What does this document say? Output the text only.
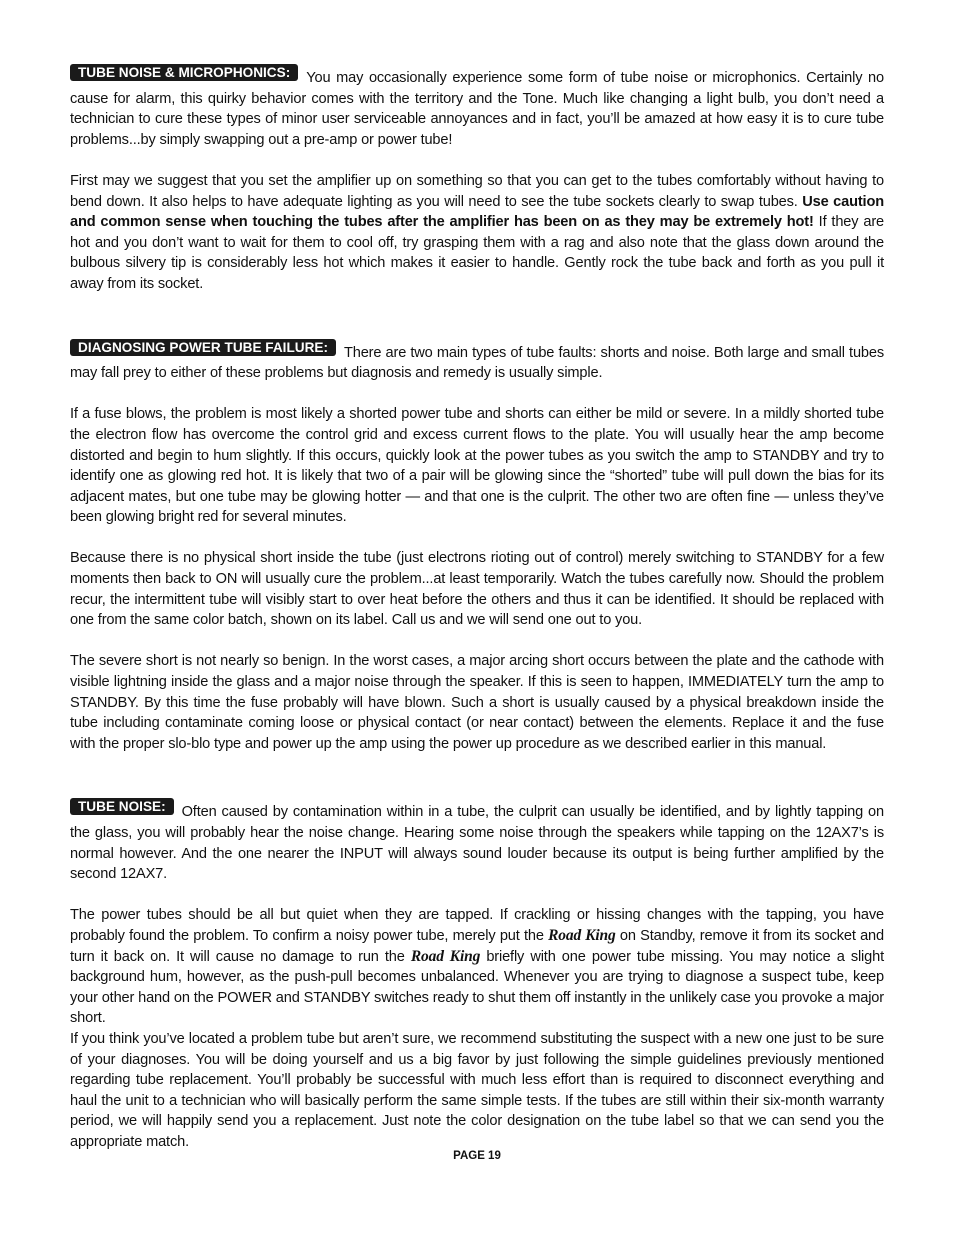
TUBE NOISE & MICROPHONICS: You may occasionally experience some form of tube noise or microphonics. Certainly no cause for alarm, this quirky behavior comes with the territory and the Tone. Much like changing a light bulb, you don’t need a technician to cure these types of minor user serviceable annoyances and in fact, you’ll be amazed at how easy it is to cure tube problems...by simply swapping out a pre-amp or power tube!

First may we suggest that you set the amplifier up on something so that you can get to the tubes comfortably without having to bend down. It also helps to have adequate lighting as you will need to see the tube sockets clearly to swap tubes. Use caution and common sense when touching the tubes after the amplifier has been on as they may be extremely hot! If they are hot and you don’t want to wait for them to cool off, try grasping them with a rag and also note that the glass down around the bulbous silvery tip is considerably less hot which makes it easier to handle. Gently rock the tube back and forth as you pull it away from its socket.

DIAGNOSING POWER TUBE FAILURE: There are two main types of tube faults: shorts and noise. Both large and small tubes may fall prey to either of these problems but diagnosis and remedy is usually simple.

If a fuse blows, the problem is most likely a shorted power tube and shorts can either be mild or severe. In a mildly shorted tube the electron flow has overcome the control grid and excess current flows to the plate. You will usually hear the amp become distorted and begin to hum slightly. If this occurs, quickly look at the power tubes as you switch the amp to STANDBY and try to identify one as glowing red hot. It is likely that two of a pair will be glowing since the “shorted” tube will pull down the bias for its adjacent mates, but one tube may be glowing hotter — and that one is the culprit. The other two are often fine — unless they’ve been glowing bright red for several minutes.

Because there is no physical short inside the tube (just electrons rioting out of control) merely switching to STANDBY for a few moments then back to ON will usually cure the problem...at least temporarily. Watch the tubes carefully now. Should the problem recur, the intermittent tube will visibly start to over heat before the others and thus it can be identified. It should be replaced with one from the same color batch, shown on its label. Call us and we will send one out to you.

The severe short is not nearly so benign. In the worst cases, a major arcing short occurs between the plate and the cathode with visible lightning inside the glass and a major noise through the speaker. If this is seen to happen, IMMEDIATELY turn the amp to STANDBY. By this time the fuse probably will have blown. Such a short is usually caused by a physical breakdown inside the tube including contaminate coming loose or physical contact (or near contact) between the elements. Replace it and the fuse with the proper slo-blo type and power up the amp using the power up procedure as we described earlier in this manual.

TUBE NOISE: Often caused by contamination within in a tube, the culprit can usually be identified, and by lightly tapping on the glass, you will probably hear the noise change. Hearing some noise through the speakers while tapping on the 12AX7’s is normal however. And the one nearer the INPUT will always sound louder because its output is being further amplified by the second 12AX7.

The power tubes should be all but quiet when they are tapped. If crackling or hissing changes with the tapping, you have probably found the problem. To confirm a noisy power tube, merely put the Road King on Standby, remove it from its socket and turn it back on. It will cause no damage to run the Road King briefly with one power tube missing. You may notice a slight background hum, however, as the push-pull becomes unbalanced. Whenever you are trying to diagnose a suspect tube, keep your other hand on the POWER and STANDBY switches ready to shut them off instantly in the unlikely case you provoke a major short.

If you think you’ve located a problem tube but aren’t sure, we recommend substituting the suspect with a new one just to be sure of your diagnoses. You will be doing yourself and us a big favor by just following the simple guidelines previously mentioned regarding tube replacement. You’ll probably be successful with much less effort than is required to disconnect everything and haul the unit to a technician who will basically perform the same simple tests. If the tubes are still within their six-month warranty period, we will happily send you a replacement. Just note the color designation on the tube label so that we can send you the appropriate match.

PAGE 19
